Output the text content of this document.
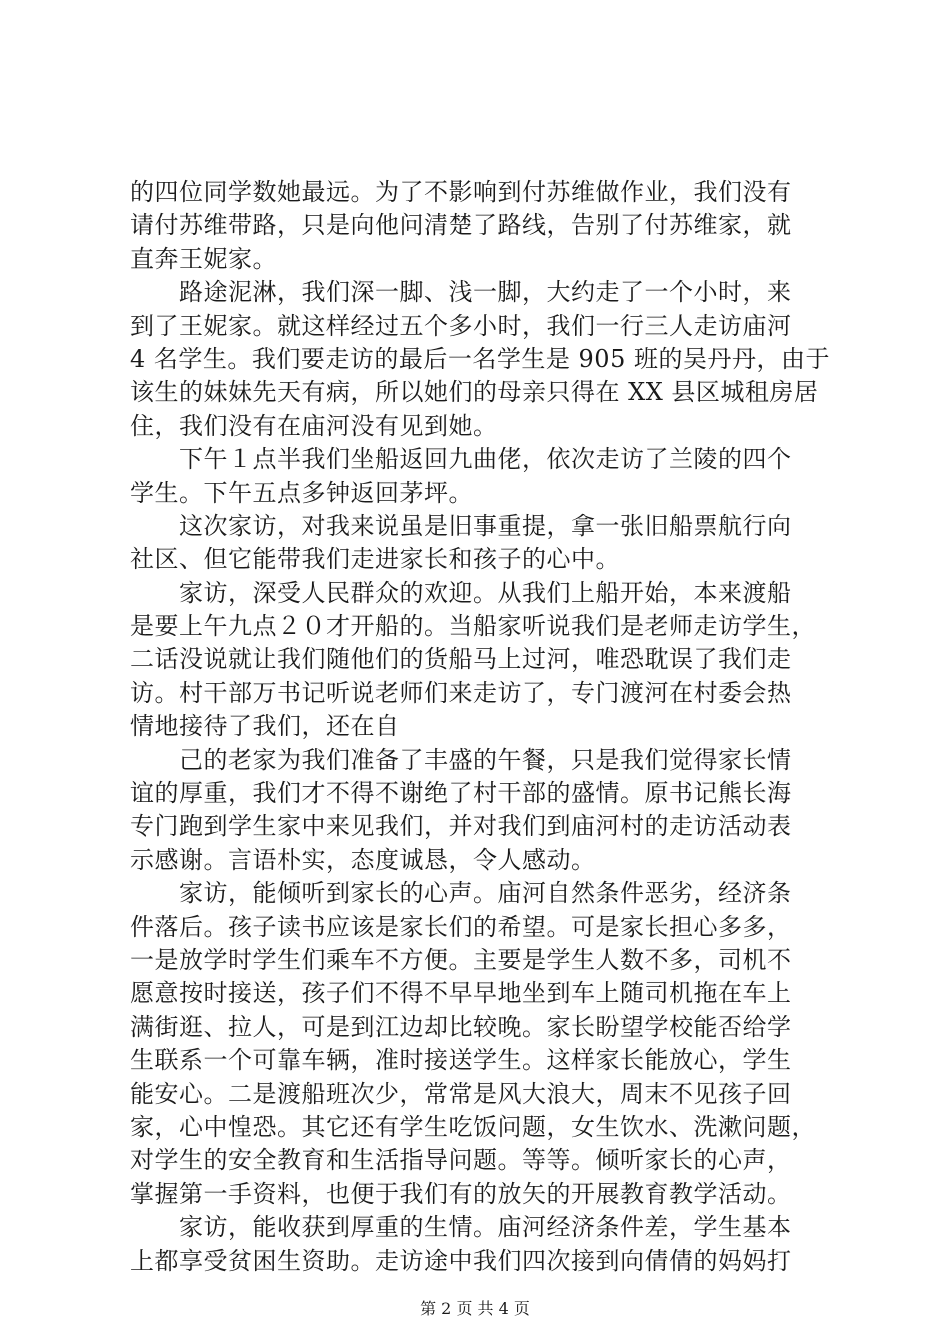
的四位同学数她最远。为了不影响到付苏维做作业，我们没有
请付苏维带路，只是向他问清楚了路线，告别了付苏维家，就
直奔王妮家。
　　路途泥淋，我们深一脚、浅一脚，大约走了一个小时，来
到了王妮家。就这样经过五个多小时，我们一行三人走访庙河
4 名学生。我们要走访的最后一名学生是 905 班的吴丹丹，由于
该生的妹妹先天有病，所以她们的母亲只得在 XX 县区城租房居
住，我们没有在庙河没有见到她。
　　下午１点半我们坐船返回九曲佬，依次走访了兰陵的四个
学生。下午五点多钟返回茅坪。
　　这次家访，对我来说虽是旧事重提，拿一张旧船票航行向
社区、但它能带我们走进家长和孩子的心中。
　　家访，深受人民群众的欢迎。从我们上船开始，本来渡船
是要上午九点２０才开船的。当船家听说我们是老师走访学生，
二话没说就让我们随他们的货船马上过河，唯恐耽误了我们走
访。村干部万书记听说老师们来走访了，专门渡河在村委会热
情地接待了我们，还在自
　　己的老家为我们准备了丰盛的午餐，只是我们觉得家长情
谊的厚重，我们才不得不谢绝了村干部的盛情。原书记熊长海
专门跑到学生家中来见我们，并对我们到庙河村的走访活动表
示感谢。言语朴实，态度诚恳，令人感动。
　　家访，能倾听到家长的心声。庙河自然条件恶劣，经济条
件落后。孩子读书应该是家长们的希望。可是家长担心多多，
一是放学时学生们乘车不方便。主要是学生人数不多，司机不
愿意按时接送，孩子们不得不早早地坐到车上随司机拖在车上
满街逛、拉人，可是到江边却比较晚。家长盼望学校能否给学
生联系一个可靠车辆，准时接送学生。这样家长能放心，学生
能安心。二是渡船班次少，常常是风大浪大，周末不见孩子回
家，心中惶恐。其它还有学生吃饭问题，女生饮水、洗漱问题，
对学生的安全教育和生活指导问题。等等。倾听家长的心声，
掌握第一手资料，也便于我们有的放矢的开展教育教学活动。
　　家访，能收获到厚重的生情。庙河经济条件差，学生基本
上都享受贫困生资助。走访途中我们四次接到向倩倩的妈妈打
第 2 页 共 4 页
